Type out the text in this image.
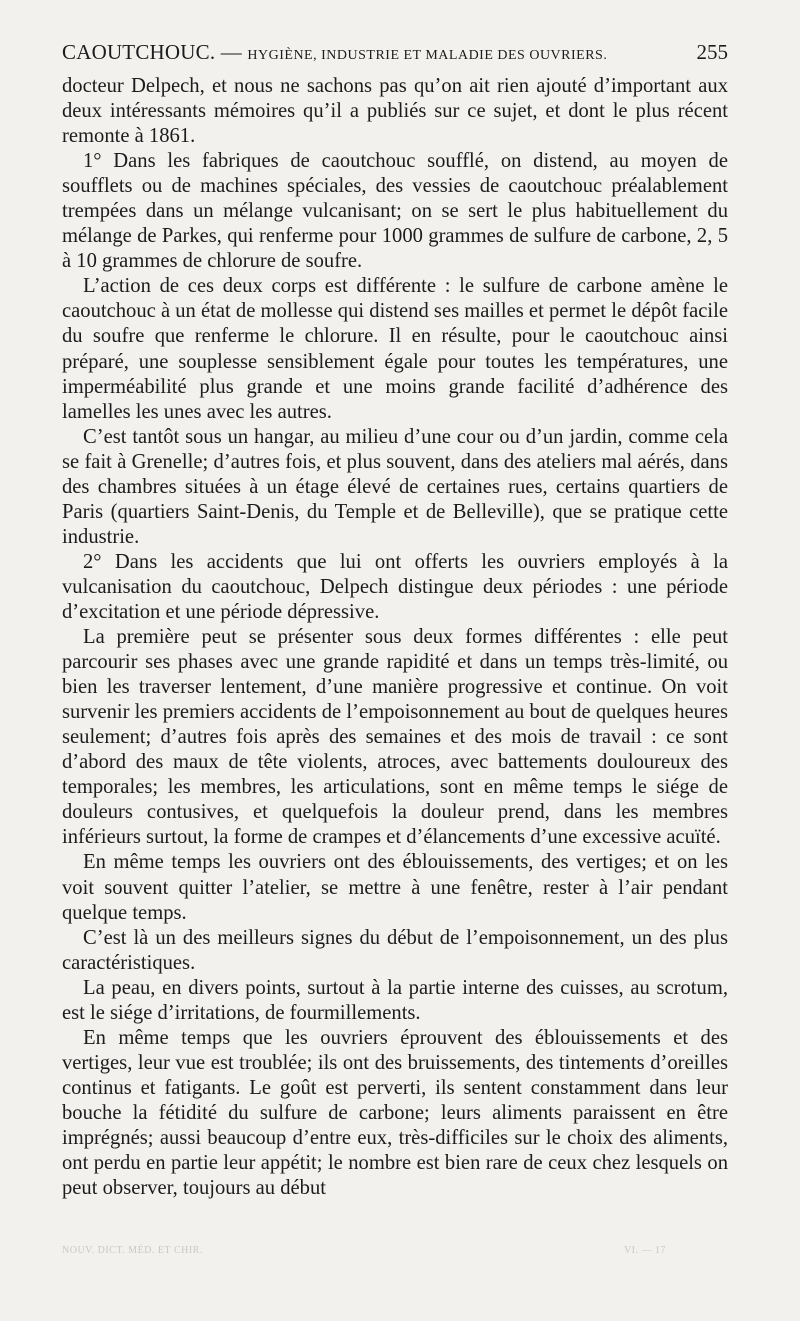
CAOUTCHOUC. — HYGIÈNE, INDUSTRIE ET MALADIE DES OUVRIERS.	255

docteur Delpech, et nous ne sachons pas qu’on ait rien ajouté d’important aux deux intéressants mémoires qu’il a publiés sur ce sujet, et dont le plus récent remonte à 1861.

1° Dans les fabriques de caoutchouc soufflé, on distend, au moyen de soufflets ou de machines spéciales, des vessies de caoutchouc préalablement trempées dans un mélange vulcanisant; on se sert le plus habituellement du mélange de Parkes, qui renferme pour 1000 grammes de sulfure de carbone, 2, 5 à 10 grammes de chlorure de soufre.

L’action de ces deux corps est différente : le sulfure de carbone amène le caoutchouc à un état de mollesse qui distend ses mailles et permet le dépôt facile du soufre que renferme le chlorure. Il en résulte, pour le caoutchouc ainsi préparé, une souplesse sensiblement égale pour toutes les températures, une imperméabilité plus grande et une moins grande facilité d’adhérence des lamelles les unes avec les autres.

C’est tantôt sous un hangar, au milieu d’une cour ou d’un jardin, comme cela se fait à Grenelle; d’autres fois, et plus souvent, dans des ateliers mal aérés, dans des chambres situées à un étage élevé de certaines rues, certains quartiers de Paris (quartiers Saint-Denis, du Temple et de Belleville), que se pratique cette industrie.

2° Dans les accidents que lui ont offerts les ouvriers employés à la vulcanisation du caoutchouc, Delpech distingue deux périodes : une période d’excitation et une période dépressive.

La première peut se présenter sous deux formes différentes : elle peut parcourir ses phases avec une grande rapidité et dans un temps très-limité, ou bien les traverser lentement, d’une manière progressive et continue. On voit survenir les premiers accidents de l’empoisonnement au bout de quelques heures seulement; d’autres fois après des semaines et des mois de travail : ce sont d’abord des maux de tête violents, atroces, avec battements douloureux des temporales; les membres, les articulations, sont en même temps le siége de douleurs contusives, et quelquefois la douleur prend, dans les membres inférieurs surtout, la forme de crampes et d’élancements d’une excessive acuïté.

En même temps les ouvriers ont des éblouissements, des vertiges; et on les voit souvent quitter l’atelier, se mettre à une fenêtre, rester à l’air pendant quelque temps.

C’est là un des meilleurs signes du début de l’empoisonnement, un des plus caractéristiques.

La peau, en divers points, surtout à la partie interne des cuisses, au scrotum, est le siége d’irritations, de fourmillements.

En même temps que les ouvriers éprouvent des éblouissements et des vertiges, leur vue est troublée; ils ont des bruissements, des tintements d’oreilles continus et fatigants. Le goût est perverti, ils sentent constamment dans leur bouche la fétidité du sulfure de carbone; leurs aliments paraissent en être imprégnés; aussi beaucoup d’entre eux, très-difficiles sur le choix des aliments, ont perdu en partie leur appétit; le nombre est bien rare de ceux chez lesquels on peut observer, toujours au début

NOUV. DICT. MÉD. ET CHIR.	VI. — 17
